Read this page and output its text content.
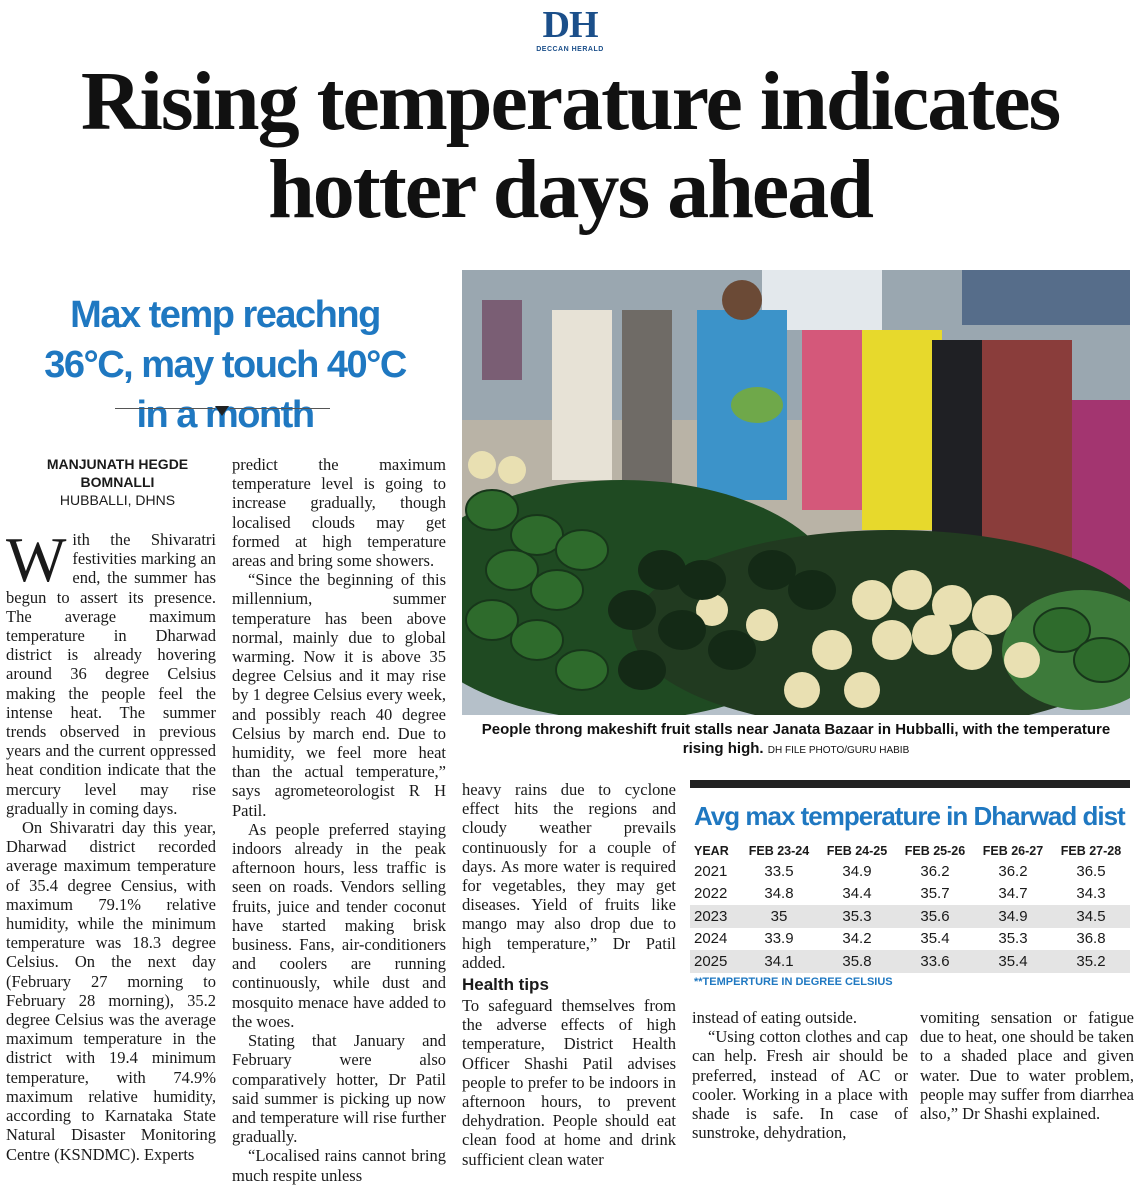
DH
DECCAN HERALD
Rising temperature indicates hotter days ahead
Max temp reachng 36°C, may touch 40°C in a month
MANJUNATH HEGDE BOMNALLI
HUBBALLI, DHNS

With the Shivaratri festivities marking an end, the summer has begun to assert its presence. The average maximum temperature in Dharwad district is already hovering around 36 degree Celsius making the people feel the intense heat. The summer trends observed in previous years and the current oppressed heat condition indicate that the mercury level may rise gradually in coming days.

On Shivaratri day this year, Dharwad district recorded average maximum temperature of 35.4 degree Censius, with maximum 79.1% relative humidity, while the minimum temperature was 18.3 degree Celsius. On the next day (February 27 morning to February 28 morning), 35.2 degree Celsius was the average maximum temperature in the district with 19.4 minimum temperature, with 74.9% maximum relative humidity, according to Karnataka State Natural Disaster Monitoring Centre (KSNDMC). Experts

predict the maximum temperature level is going to increase gradually, though localised clouds may get formed at high temperature areas and bring some showers.

“Since the beginning of this millennium, summer temperature has been above normal, mainly due to global warming. Now it is above 35 degree Celsius and it may rise by 1 degree Celsius every week, and possibly reach 40 degree Celsius by march end. Due to humidity, we feel more heat than the actual temperature,” says agrometeorologist R H Patil.

As people preferred staying indoors already in the peak afternoon hours, less traffic is seen on roads. Vendors selling fruits, juice and tender coconut have started making brisk business. Fans, air-conditioners and coolers are running continuously, while dust and mosquito menace have added to the woes.

Stating that January and February were also comparatively hotter, Dr Patil said summer is picking up now and temperature will rise further gradually.

“Localised rains cannot bring much respite unless

heavy rains due to cyclone effect hits the regions and cloudy weather prevails continuously for a couple of days. As more water is required for vegetables, they may get diseases. Yield of fruits like mango may also drop due to high temperature,” Dr Patil added.

Health tips

To safeguard themselves from the adverse effects of high temperature, District Health Officer Shashi Patil advises people to prefer to be indoors in afternoon hours, to prevent dehydration. People should eat clean food at home and drink sufficient clean water

instead of eating outside.

“Using cotton clothes and cap can help. Fresh air should be preferred, instead of AC or cooler. Working in a place with shade is safe. In case of sunstroke, dehydration,

vomiting sensation or fatigue due to heat, one should be taken to a shaded place and given water. Due to water problem, people may suffer from diarrhea also,” Dr Shashi explained.

People throng makeshift fruit stalls near Janata Bazaar in Hubballi, with the temperature rising high. DH FILE PHOTO/GURU HABIB
Avg max temperature in Dharwad dist
YEAR	FEB 23-24	FEB 24-25	FEB 25-26	FEB 26-27	FEB 27-28
2021	33.5	34.9	36.2	36.2	36.5
2022	34.8	34.4	35.7	34.7	34.3
2023	35	35.3	35.6	34.9	34.5
2024	33.9	34.2	35.4	35.3	36.8
2025	34.1	35.8	33.6	35.4	35.2
**TEMPERTURE IN DEGREE CELSIUS
